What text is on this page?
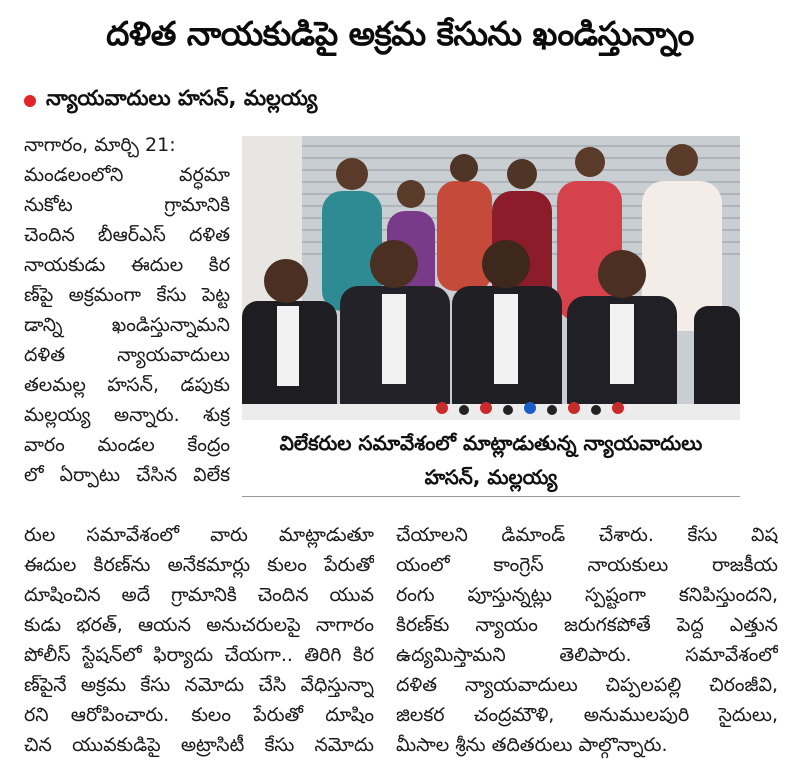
దళిత నాయకుడిపై అక్రమ కేసును ఖండిస్తున్నాం
న్యాయవాదులు హసన్, మల్లయ్య
నాగారం, మార్చి 21:
మండలంలోని వర్ధమా
నుకోట గ్రామానికి
చెందిన బీఆర్ఎస్ దళిత
నాయకుడు ఈదుల కిర
ణ్‌పై అక్రమంగా కేసు పెట్ట
డాన్ని ఖండిస్తున్నామని
దళిత న్యాయవాదులు
తలమల్ల హసన్, డపుకు
మల్లయ్య అన్నారు. శుక్ర
వారం మండల కేంద్రం
లో ఏర్పాటు చేసిన విలేక
విలేకరుల సమావేశంలో మాట్లాడుతున్న న్యాయవాదులు
హసన్, మల్లయ్య
రుల సమావేశంలో వారు మాట్లాడుతూ
ఈదుల కిరణ్‌ను అనేకమార్లు కులం పేరుతో
దూషించిన అదే గ్రామానికి చెందిన యువ
కుడు భరత్, ఆయన అనుచరులపై నాగారం
పోలీస్ స్టేషన్‌లో ఫిర్యాదు చేయగా.. తిరిగి కిర
ణ్‌పైనే అక్రమ కేసు నమోదు చేసి వేధిస్తున్నా
రని ఆరోపించారు. కులం పేరుతో దూషిం
చిన యువకుడిపై అట్రాసిటీ కేసు నమోదు
చేయాలని డిమాండ్ చేశారు. కేసు విష
యంలో కాంగ్రెస్ నాయకులు రాజకీయ
రంగు పూస్తున్నట్లు స్పష్టంగా కనిపిస్తుందని,
కిరణ్‌కు న్యాయం జరుగకపోతే పెద్ద ఎత్తున
ఉద్యమిస్తామని తెలిపారు. సమావేశంలో
దళిత న్యాయవాదులు చిప్పలపల్లి చిరంజీవి,
జిలకర చంద్రమౌళి, అనుములపురి సైదులు,
మీసాల శ్రీను తదితరులు పాల్గొన్నారు.
